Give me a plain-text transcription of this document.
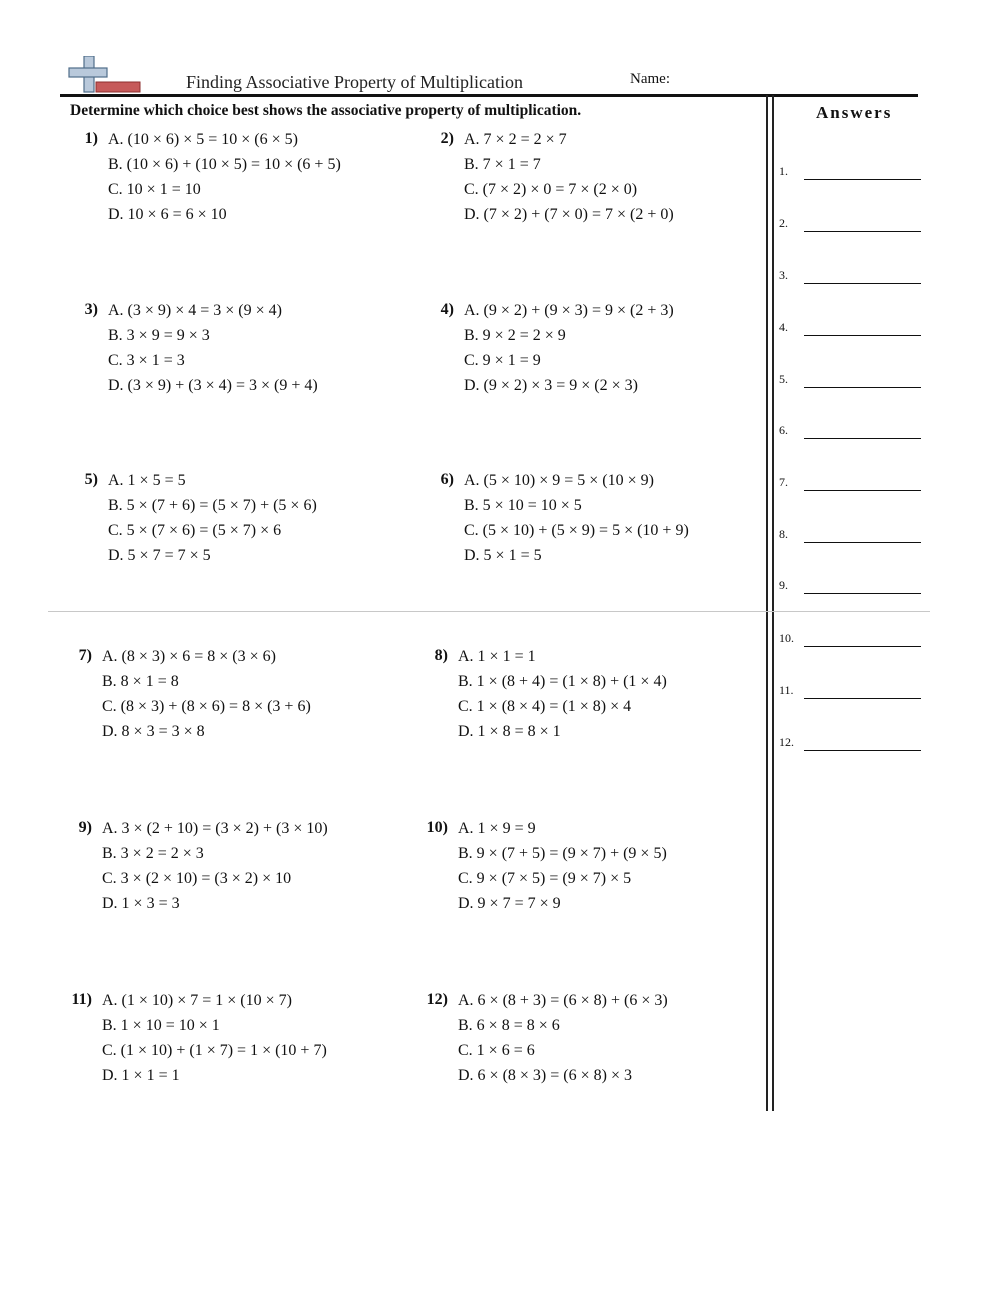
Finding Associative Property of Multiplication	Name:
Determine which choice best shows the associative property of multiplication.	Answers
1.
2.
3.
4.
5.
6.
7.
8.
9.
10.
11.
12.
1) A. (10 × 6) × 5 = 10 × (6 × 5)
B. (10 × 6) + (10 × 5) = 10 × (6 + 5)
C. 10 × 1 = 10
D. 10 × 6 = 6 × 10
2) A. 7 × 2 = 2 × 7
B. 7 × 1 = 7
C. (7 × 2) × 0 = 7 × (2 × 0)
D. (7 × 2) + (7 × 0) = 7 × (2 + 0)
3) A. (3 × 9) × 4 = 3 × (9 × 4)
B. 3 × 9 = 9 × 3
C. 3 × 1 = 3
D. (3 × 9) + (3 × 4) = 3 × (9 + 4)
4) A. (9 × 2) + (9 × 3) = 9 × (2 + 3)
B. 9 × 2 = 2 × 9
C. 9 × 1 = 9
D. (9 × 2) × 3 = 9 × (2 × 3)
5) A. 1 × 5 = 5
B. 5 × (7 + 6) = (5 × 7) + (5 × 6)
C. 5 × (7 × 6) = (5 × 7) × 6
D. 5 × 7 = 7 × 5
6) A. (5 × 10) × 9 = 5 × (10 × 9)
B. 5 × 10 = 10 × 5
C. (5 × 10) + (5 × 9) = 5 × (10 + 9)
D. 5 × 1 = 5
7) A. (8 × 3) × 6 = 8 × (3 × 6)
B. 8 × 1 = 8
C. (8 × 3) + (8 × 6) = 8 × (3 + 6)
D. 8 × 3 = 3 × 8
8) A. 1 × 1 = 1
B. 1 × (8 + 4) = (1 × 8) + (1 × 4)
C. 1 × (8 × 4) = (1 × 8) × 4
D. 1 × 8 = 8 × 1
9) A. 3 × (2 + 10) = (3 × 2) + (3 × 10)
B. 3 × 2 = 2 × 3
C. 3 × (2 × 10) = (3 × 2) × 10
D. 1 × 3 = 3
10) A. 1 × 9 = 9
B. 9 × (7 + 5) = (9 × 7) + (9 × 5)
C. 9 × (7 × 5) = (9 × 7) × 5
D. 9 × 7 = 7 × 9
11) A. (1 × 10) × 7 = 1 × (10 × 7)
B. 1 × 10 = 10 × 1
C. (1 × 10) + (1 × 7) = 1 × (10 + 7)
D. 1 × 1 = 1
12) A. 6 × (8 + 3) = (6 × 8) + (6 × 3)
B. 6 × 8 = 8 × 6
C. 1 × 6 = 6
D. 6 × (8 × 3) = (6 × 8) × 3
